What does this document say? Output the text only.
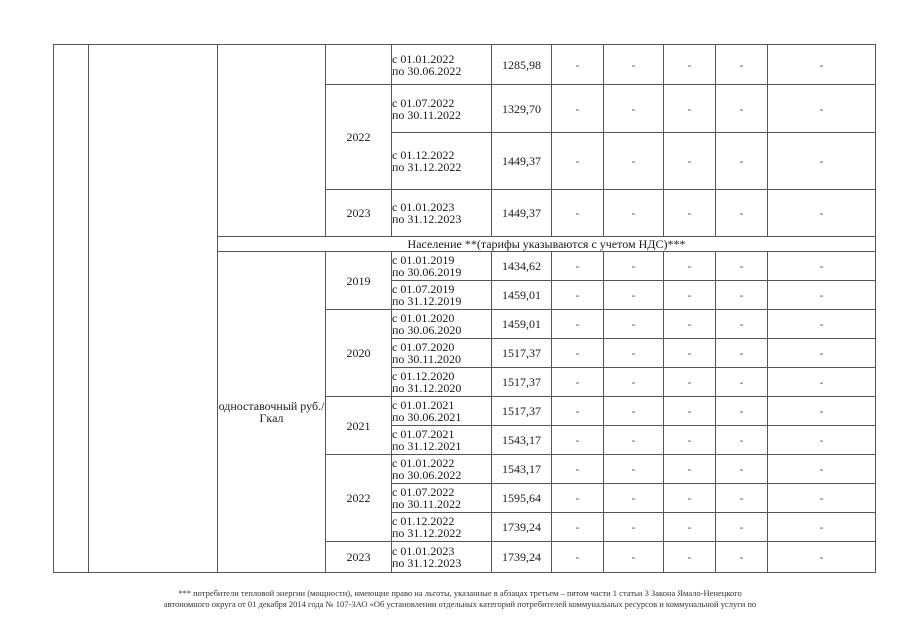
				с 01.01.2022
по 30.06.2022	1285,98	-	-	-	-	-
			2022	с 01.07.2022
по 30.11.2022	1329,70	-	-	-	-	-

				с 01.12.2022
по 31.12.2022	1449,37	-	-	-	-	-
			2023	с 01.01.2023
по 31.12.2023	1449,37	-	-	-	-	-
		Население **(тарифы указываются с учетом НДС)***								
		одноставочный руб./Гкал	2019	с 01.01.2019
по 30.06.2019	1434,62	-	-	-	-	-

				с 01.07.2019
по 31.12.2019	1459,01	-	-	-	-	-
			2020	с 01.01.2020
по 30.06.2020	1459,01	-	-	-	-	-

				с 01.07.2020
по 30.11.2020	1517,37	-	-	-	-	-

				с 01.12.2020
по 31.12.2020	1517,37	-	-	-	-	-
			2021	с 01.01.2021
по 30.06.2021	1517,37	-	-	-	-	-

				с 01.07.2021
по 31.12.2021	1543,17	-	-	-	-	-
			2022	с 01.01.2022
по 30.06.2022	1543,17	-	-	-	-	-

				с 01.07.2022
по 30.11.2022	1595,64	-	-	-	-	-

				с 01.12.2022
по 31.12.2022	1739,24	-	-	-	-	-
			2023	с 01.01.2023
по 31.12.2023	1739,24	-	-	-	-	-
*** потребители тепловой энергии (мощности), имеющие право на льготы, указанные в абзацах третьем – пятом части 1 статьи 3 Закона Ямало-Ненецкого
автономного округа от 01 декабря 2014 года № 107-ЗАО «Об установлении отдельных категорий потребителей коммунальных ресурсов и коммунальной услуги по
